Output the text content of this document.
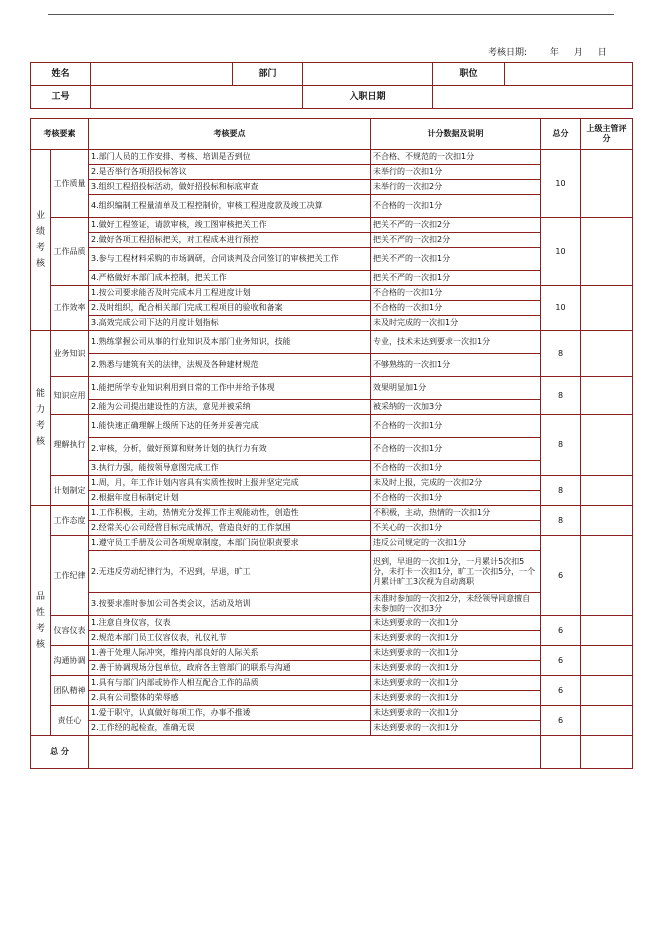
考核日期:	年 月 日
姓名		部门		职位	
工号			入职日期		
考核要素		考核要点	计分数据及说明	总分	上级主管评分
业绩考核	工作质量	1.部门人员的工作安排、考核、培训是否到位	不合格、不规范的一次扣1分	10	
		2.是否举行各项招投标答议	未举行的一次扣1分		
		3.组织工程招投标活动，做好招投标和标底审查	未举行的一次扣2分		
		4.组织编制工程量清单及工程控制价，审核工程进度款及竣工决算	不合格的一次扣1分		
	工作品质	1.做好工程签证，请款审核，竣工图审核把关工作	把关不严的一次扣2分	10	
		2.做好各项工程招标把关，对工程成本进行预控	把关不严的一次扣2分		
		3.参与工程材料采购的市场调研，合同谈判及合同签订的审核把关工作	把关不严的一次扣1分		
		4.严格做好本部门成本控制，把关工作	把关不严的一次扣1分		
	工作效率	1.按公司要求能否及时完成本月工程进度计划	不合格的一次扣1分	10	
		2.及时组织，配合相关部门完成工程项目的验收和备案	不合格的一次扣1分		
		3.高效完成公司下达的月度计划指标	未及时完成的一次扣1分		
能力考核	业务知识	1.熟练掌握公司从事的行业知识及本部门业务知识，技能	专业，技术未达到要求一次扣1分	8	
		2.熟悉与建筑有关的法律，法规及各种建材规范	不够熟练的一次扣1分		
	知识应用	1.能把所学专业知识利用到日常的工作中并给予体现	效果明显加1分	8	
		2.能为公司提出建设性的方法，意见并被采纳	被采纳的一次加3分		
	理解执行	1.能快速正确理解上级所下达的任务并妥善完成	不合格的一次扣1分	8	
		2.审核，分析，做好预算和财务计划的执行力有效	不合格的一次扣1分		
		3.执行力强，能按领导意图完成工作	不合格的一次扣1分		
	计划制定	1.周，月，年工作计划内容具有实质性按时上报并坚定完成	未及时上报，完成的一次扣2分	8	
		2.根据年度目标制定计划	不合格的一次扣1分		
品性考核	工作态度	1.工作积极，主动，热情充分发挥工作主观能动性，创造性	不积极，主动，热情的一次扣1分	8	
		2.经常关心公司经营目标完成情况，营造良好的工作氛围	不关心的一次扣1分		
	工作纪律	1.遵守员工手册及公司各项规章制度，本部门岗位职责要求	违反公司规定的一次扣1分	6	
		2.无违反劳动纪律行为，不迟到，早退，旷工	迟到，早退的一次扣1分，一月累计5次扣5分，未打卡一次扣1分，旷工一次扣5分，一个月累计旷工3次视为自动离职		
		3.按要求准时参加公司各类会议，活动及培训	未准时参加的一次扣2分，未经领导同意擅自未参加的一次扣3分		
	仪容仪表	1.注意自身仪容，仪表	未达到要求的一次扣1分	6	
		2.规范本部门员工仪容仪表，礼仪礼节	未达到要求的一次扣1分		
	沟通协调	1.善于处理人际冲突，维持内部良好的人际关系	未达到要求的一次扣1分	6	
		2.善于协调现场分包单位，政府各主管部门的联系与沟通	未达到要求的一次扣1分		
	团队精神	1.具有与部门内部或协作人相互配合工作的品质	未达到要求的一次扣1分	6	
		2.具有公司整体的荣辱感	未达到要求的一次扣1分		
	责任心	1.爱于职守，认真做好每项工作，办事不推诿	未达到要求的一次扣1分	6	
		2.工作经的起检查，准确无误	未达到要求的一次扣1分		
总 分					
